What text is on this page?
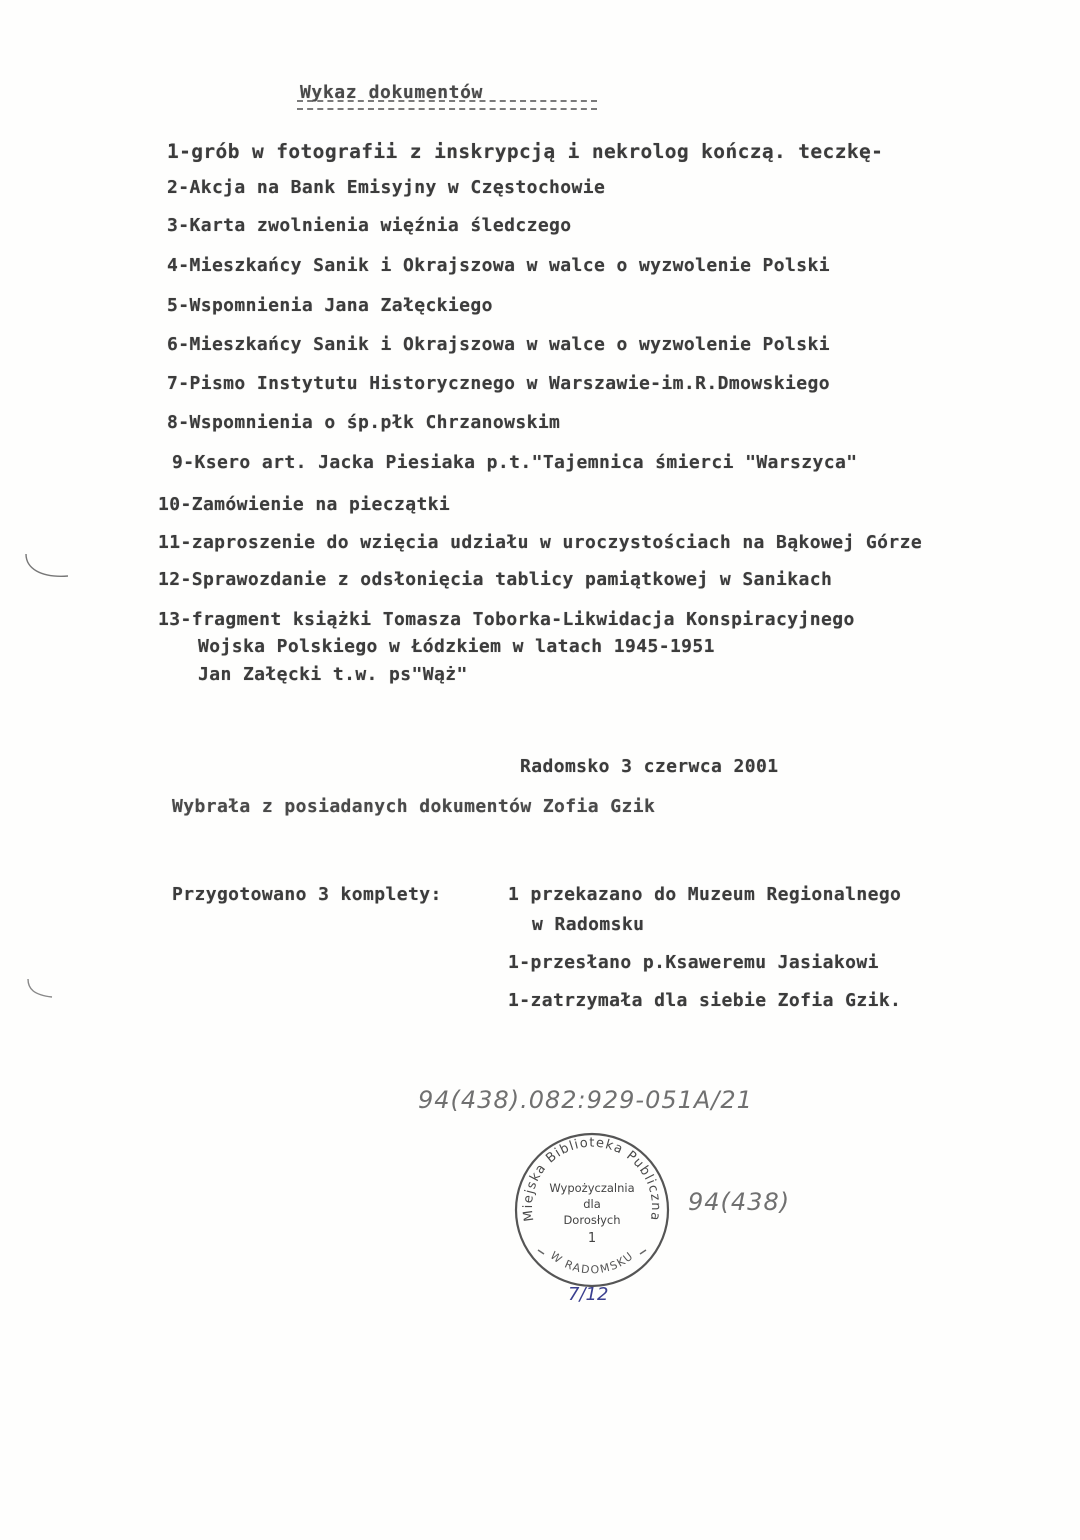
Wykaz dokumentów
1-grób w fotografii z inskrypcją i nekrolog kończą. teczkę-
2-Akcja na Bank Emisyjny w Częstochowie
3-Karta zwolnienia więźnia śledczego
4-Mieszkańcy Sanik i Okrajszowa w walce o wyzwolenie Polski
5-Wspomnienia Jana Załęckiego
6-Mieszkańcy Sanik i Okrajszowa w walce o wyzwolenie Polski
7-Pismo Instytutu Historycznego w Warszawie-im.R.Dmowskiego
8-Wspomnienia o śp.płk Chrzanowskim
9-Ksero art. Jacka Piesiaka p.t."Tajemnica śmierci "Warszyca"
10-Zamówienie na pieczątki
11-zaproszenie do wzięcia udziału w uroczystościach na Bąkowej Górze
12-Sprawozdanie z odsłonięcia tablicy pamiątkowej w Sanikach
13-fragment książki Tomasza Toborka-Likwidacja Konspiracyjnego
Wojska Polskiego w Łódzkiem w latach 1945-1951
Jan Załęcki t.w. ps"Wąż"
Radomsko 3 czerwca 2001
Wybrała z posiadanych dokumentów Zofia Gzik
Przygotowano 3 komplety:	1 przekazano do Muzeum Regionalnego
w Radomsku
1-przesłano p.Ksaweremu Jasiakowi
1-zatrzymała dla siebie Zofia Gzik.
94(438).082:929-051A/21
Miejska Biblioteka Publiczna
W RADOMSKU
Wypożyczalnia
dla
Dorosłych
1
94(438)
7/12
